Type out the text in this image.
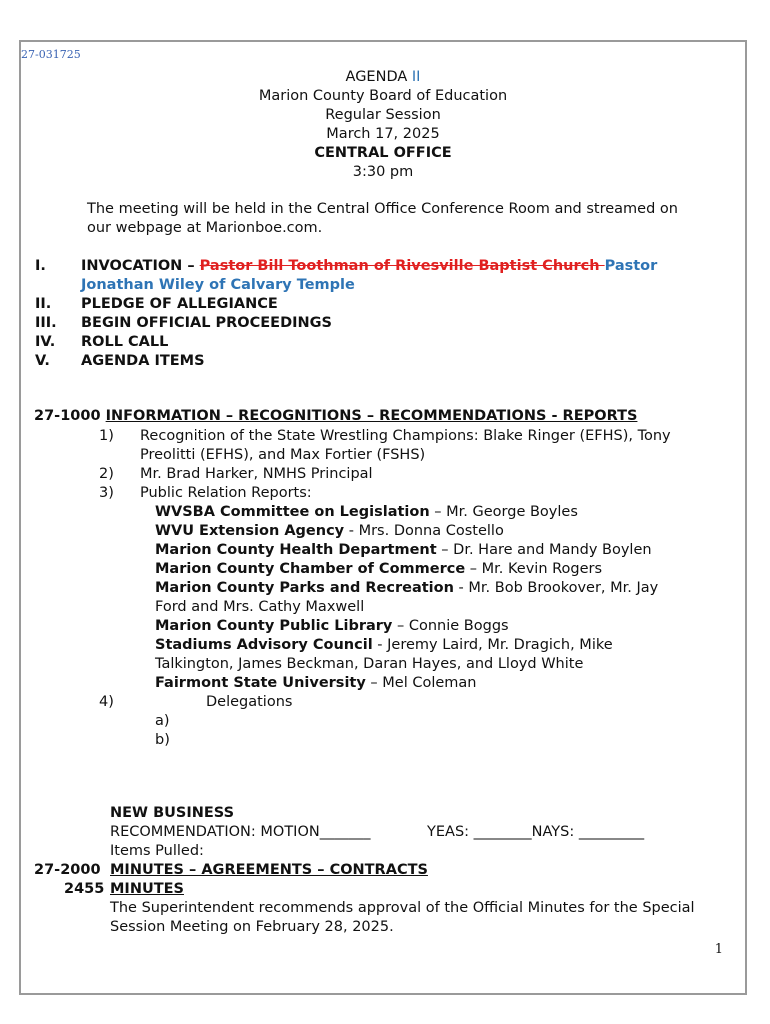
27-031725
AGENDA II
Marion County Board of Education
Regular Session
March 17, 2025
CENTRAL OFFICE
3:30 pm
The meeting will be held in the Central Office Conference Room and streamed on
our webpage at Marionboe.com.
I. INVOCATION – Pastor Bill Toothman of Rivesville Baptist Church Pastor
Jonathan Wiley of Calvary Temple
II. PLEDGE OF ALLEGIANCE
III. BEGIN OFFICIAL PROCEEDINGS
IV. ROLL CALL
V. AGENDA ITEMS
27-1000 INFORMATION – RECOGNITIONS – RECOMMENDATIONS - REPORTS
1) Recognition of the State Wrestling Champions: Blake Ringer (EFHS), Tony
Preolitti (EFHS), and Max Fortier (FSHS)
2) Mr. Brad Harker, NMHS Principal
3) Public Relation Reports:
WVSBA Committee on Legislation – Mr. George Boyles
WVU Extension Agency - Mrs. Donna Costello
Marion County Health Department – Dr. Hare and Mandy Boylen
Marion County Chamber of Commerce – Mr. Kevin Rogers
Marion County Parks and Recreation - Mr. Bob Brookover, Mr. Jay
Ford and Mrs. Cathy Maxwell
Marion County Public Library – Connie Boggs
Stadiums Advisory Council - Jeremy Laird, Mr. Dragich, Mike
Talkington, James Beckman, Daran Hayes, and Lloyd White
Fairmont State University – Mel Coleman
4)	Delegations
a)
b)
NEW BUSINESS
RECOMMENDATION: MOTION_______	YEAS: ________NAYS: _________
Items Pulled:
27-2000 MINUTES – AGREEMENTS – CONTRACTS
2455 MINUTES
The Superintendent recommends approval of the Official Minutes for the Special
Session Meeting on February 28, 2025.
1
